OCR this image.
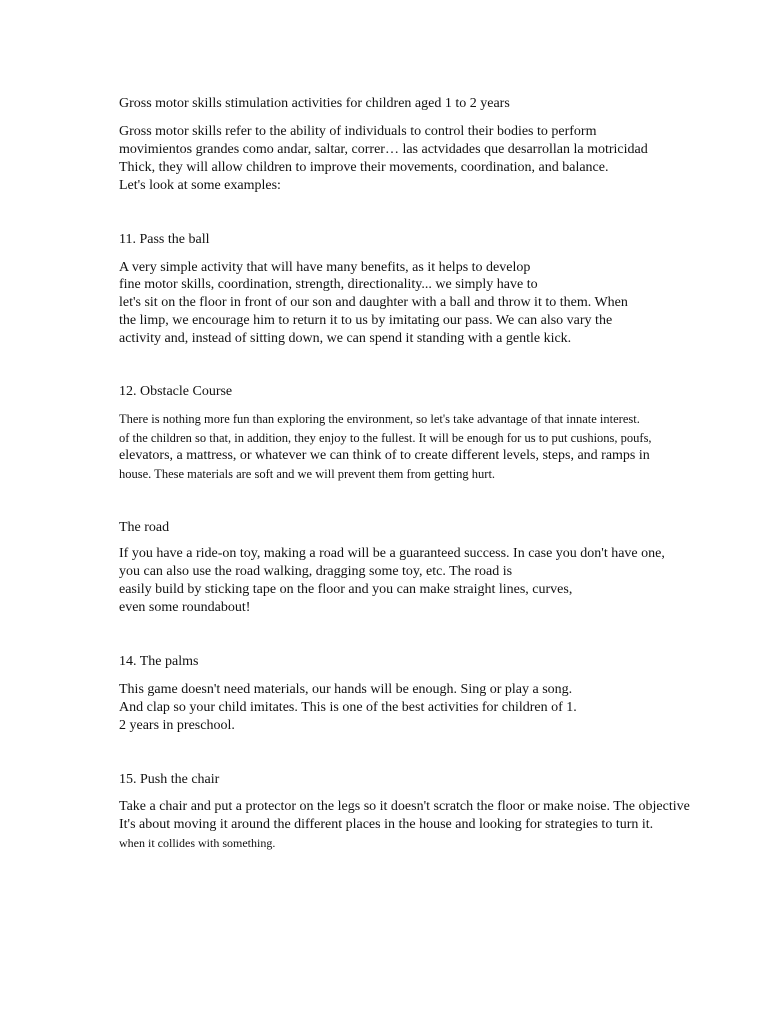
Gross motor skills stimulation activities for children aged 1 to 2 years
Gross motor skills refer to the ability of individuals to control their bodies to perform
movimientos grandes como andar, saltar, correr… las actvidades que desarrollan la motricidad
Thick, they will allow children to improve their movements, coordination, and balance.
Let's look at some examples:
11. Pass the ball
A very simple activity that will have many benefits, as it helps to develop
fine motor skills, coordination, strength, directionality... we simply have to
let's sit on the floor in front of our son and daughter with a ball and throw it to them. When
the limp, we encourage him to return it to us by imitating our pass. We can also vary the
activity and, instead of sitting down, we can spend it standing with a gentle kick.
12. Obstacle Course
There is nothing more fun than exploring the environment, so let's take advantage of that innate interest.
of the children so that, in addition, they enjoy to the fullest. It will be enough for us to put cushions, poufs,
elevators, a mattress, or whatever we can think of to create different levels, steps, and ramps in
house. These materials are soft and we will prevent them from getting hurt.
The road
If you have a ride-on toy, making a road will be a guaranteed success. In case you don't have one,
you can also use the road walking, dragging some toy, etc. The road is
easily build by sticking tape on the floor and you can make straight lines, curves,
even some roundabout!
14. The palms
This game doesn't need materials, our hands will be enough. Sing or play a song.
And clap so your child imitates. This is one of the best activities for children of 1.
2 years in preschool.
15. Push the chair
Take a chair and put a protector on the legs so it doesn't scratch the floor or make noise. The objective
It's about moving it around the different places in the house and looking for strategies to turn it.
when it collides with something.
